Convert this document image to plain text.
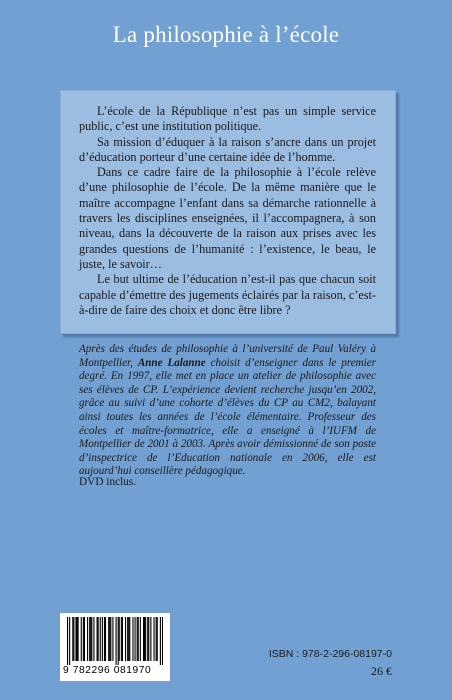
La philosophie à l’école

L’école de la République n’est pas un simple service public, c’est une institution politique.

Sa mission d’éduquer à la raison s’ancre dans un projet d’éducation porteur d’une certaine idée de l’homme.

Dans ce cadre faire de la philosophie à l’école relève d’une philosophie de l’école. De la même manière que le maître accompagne l’enfant dans sa démarche rationnelle à travers les disciplines enseignées, il l’accompagnera, à son niveau, dans la découverte de la raison aux prises avec les grandes questions de l’humanité : l’existence, le beau, le juste, le savoir…

Le but ultime de l’éducation n’est-il pas que chacun soit capable d’émettre des jugements éclairés par la raison, c’est-à-dire de faire des choix et donc être libre ?

Après des études de philosophie à l’université de Paul Valéry à Montpellier, Anne Lalanne choisit d’enseigner dans le premier degré. En 1997, elle met en place un atelier de philosophie avec ses élèves de CP. L’expérience devient recherche jusqu’en 2002, grâce au suivi d’une cohorte d’élèves du CP au CM2, balayant ainsi toutes les années de l’école élémentaire. Professeur des écoles et maître-formatrice, elle a enseigné à l’IUFM de Montpellier de 2001 à 2003. Après avoir démissionné de son poste d’inspectrice de l’Education nationale en 2006, elle est aujourd’hui conseillère pédagogique.
DVD inclus.
9 782296 081970
ISBN : 978-2-296-08197-0
26 €
